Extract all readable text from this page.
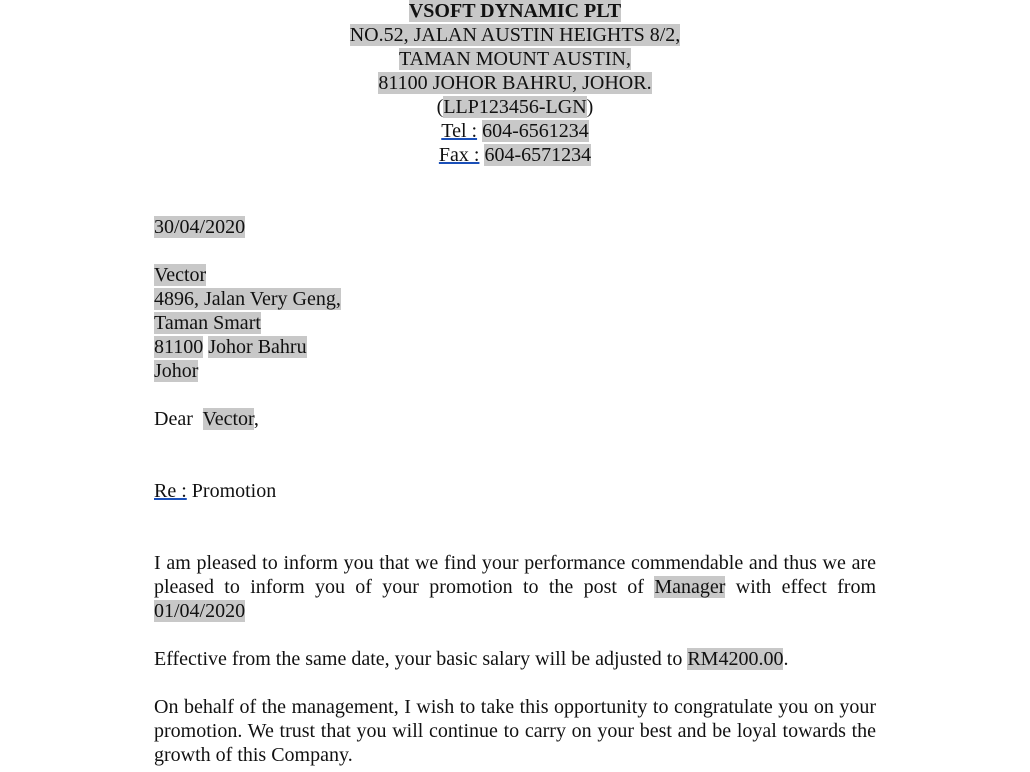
VSOFT DYNAMIC PLT
NO.52, JALAN AUSTIN HEIGHTS 8/2,
TAMAN MOUNT AUSTIN,
81100 JOHOR BAHRU, JOHOR.
(LLP123456-LGN)
Tel : 604-6561234
Fax : 604-6571234
30/04/2020
Vector
4896, Jalan Very Geng,
Taman Smart
81100 Johor Bahru
Johor
Dear Vector,
Re : Promotion
I am pleased to inform you that we find your performance commendable and thus we are pleased to inform you of your promotion to the post of Manager with effect from 01/04/2020
Effective from the same date, your basic salary will be adjusted to RM4200.00.
On behalf of the management, I wish to take this opportunity to congratulate you on your promotion. We trust that you will continue to carry on your best and be loyal towards the growth of this Company.
